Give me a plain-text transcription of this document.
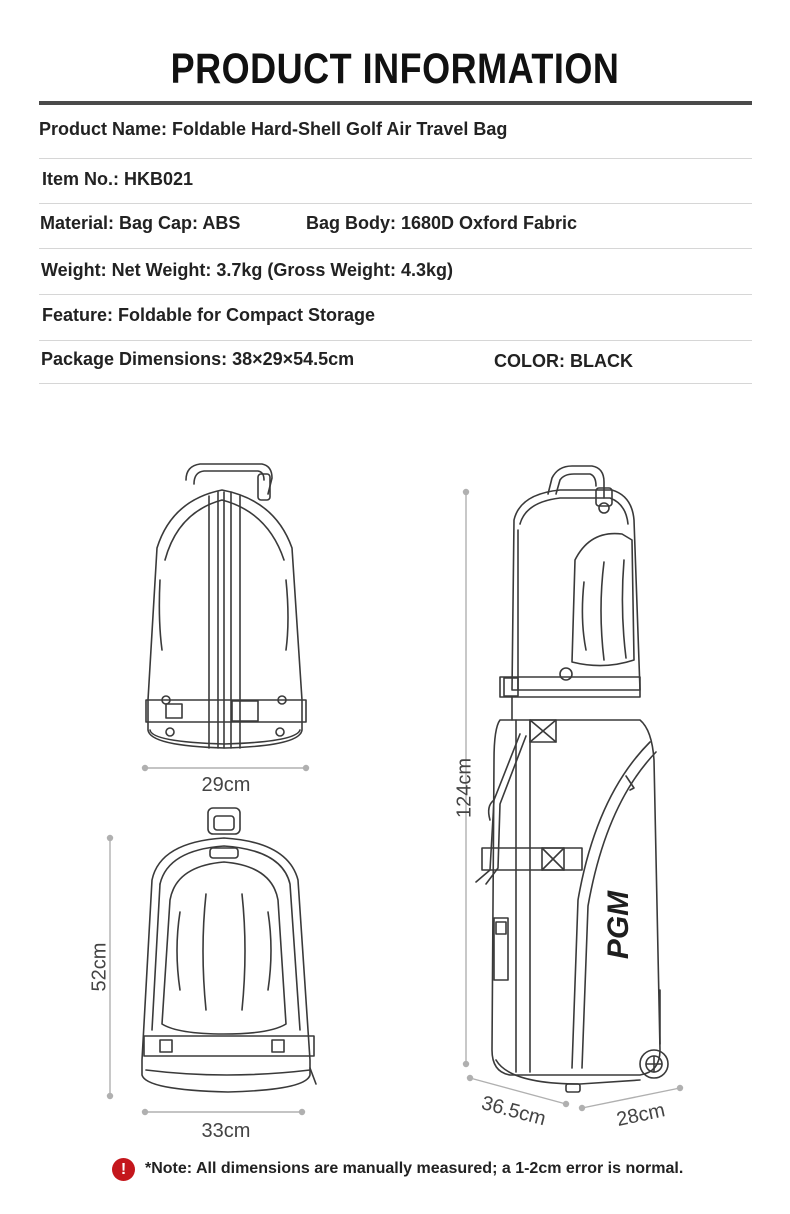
PRODUCT INFORMATION
Product Name: Foldable Hard-Shell Golf Air Travel Bag
Item No.: HKB021
Material: Bag Cap: ABS	Bag Body: 1680D Oxford Fabric
Weight: Net Weight: 3.7kg (Gross Weight: 4.3kg)
Feature: Foldable for Compact Storage
Package Dimensions: 38×29×54.5cm	COLOR: BLACK
PGM
29cm
52cm
33cm
124cm
36.5cm	28cm
!	*Note: All dimensions are manually measured; a 1-2cm error is normal.
